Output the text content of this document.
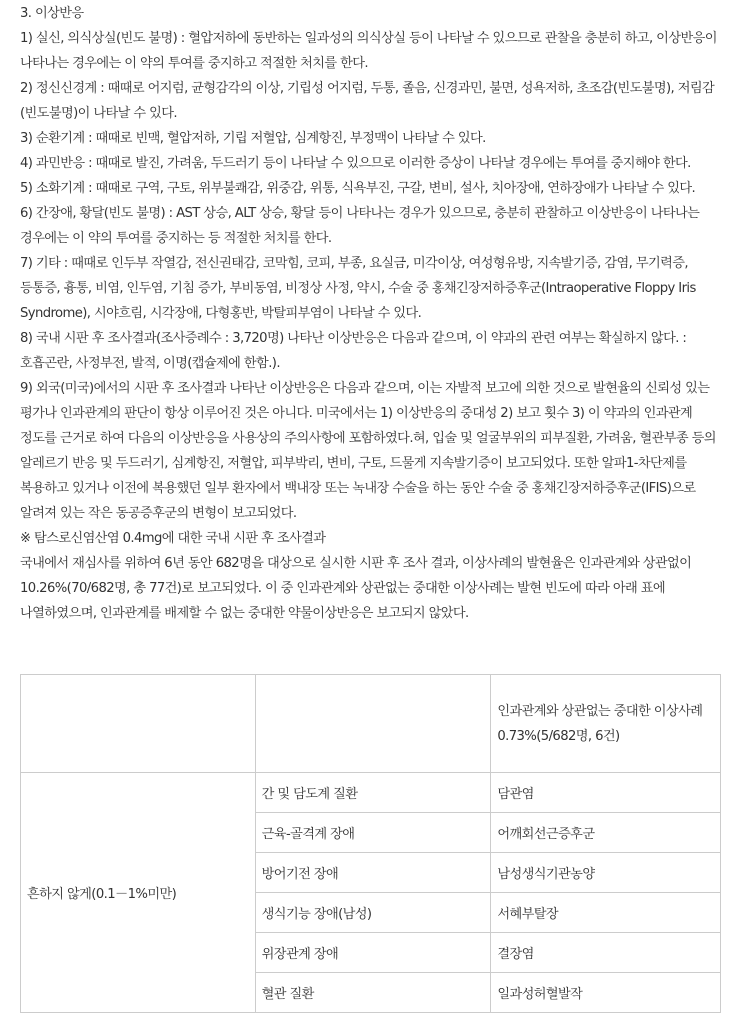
3. 이상반응

1) 실신, 의식상실(빈도 불명) : 혈압저하에 동반하는 일과성의 의식상실 등이 나타날 수 있으므로 관찰을 충분히 하고, 이상반응이 나타나는 경우에는 이 약의 투여를 중지하고 적절한 처치를 한다.

2) 정신신경계 : 때때로 어지럼, 균형감각의 이상, 기립성 어지럼, 두통, 졸음, 신경과민, 불면, 성욕저하, 초조감(빈도불명), 저림감(빈도불명)이 나타날 수 있다.

3) 순환기계 : 때때로 빈맥, 혈압저하, 기립 저혈압, 심계항진, 부정맥이 나타날 수 있다.

4) 과민반응 : 때때로 발진, 가려움, 두드러기 등이 나타날 수 있으므로 이러한 증상이 나타날 경우에는 투여를 중지해야 한다.

5) 소화기계 : 때때로 구역, 구토, 위부불쾌감, 위중감, 위통, 식욕부진, 구갈, 변비, 설사, 치아장애, 연하장애가 나타날 수 있다.

6) 간장애, 황달(빈도 불명) : AST 상승, ALT 상승, 황달 등이 나타나는 경우가 있으므로, 충분히 관찰하고 이상반응이 나타나는 경우에는 이 약의 투여를 중지하는 등 적절한 처치를 한다.

7) 기타 : 때때로 인두부 작열감, 전신권태감, 코막힘, 코피, 부종, 요실금, 미각이상, 여성형유방, 지속발기증, 감염, 무기력증, 등통증, 흉통, 비염, 인두염, 기침 증가, 부비동염, 비정상 사정, 약시, 수술 중 홍채긴장저하증후군(Intraoperative Floppy Iris Syndrome), 시야흐림, 시각장애, 다형홍반, 박탈피부염이 나타날 수 있다.

8) 국내 시판 후 조사결과(조사증례수 : 3,720명) 나타난 이상반응은 다음과 같으며, 이 약과의 관련 여부는 확실하지 않다. : 호흡곤란, 사정부전, 발적, 이명(캡슐제에 한함.).

9) 외국(미국)에서의 시판 후 조사결과 나타난 이상반응은 다음과 같으며, 이는 자발적 보고에 의한 것으로 발현율의 신뢰성 있는 평가나 인과관계의 판단이 항상 이루어진 것은 아니다. 미국에서는 1) 이상반응의 중대성 2) 보고 횟수 3) 이 약과의 인과관계 정도를 근거로 하여 다음의 이상반응을 사용상의 주의사항에 포함하였다.혀, 입술 및 얼굴부위의 피부질환, 가려움, 혈관부종 등의 알레르기 반응 및 두드러기, 심계항진, 저혈압, 피부박리, 변비, 구토, 드물게 지속발기증이 보고되었다. 또한 알파1-차단제를 복용하고 있거나 이전에 복용했던 일부 환자에서 백내장 또는 녹내장 수술을 하는 동안 수술 중 홍채긴장저하증후군(IFIS)으로 알려져 있는 작은 동공증후군의 변형이 보고되었다.

※ 탐스로신염산염 0.4mg에 대한 국내 시판 후 조사결과

국내에서 재심사를 위하여 6년 동안 682명을 대상으로 실시한 시판 후 조사 결과, 이상사례의 발현율은 인과관계와 상관없이 10.26%(70/682명, 총 77건)로 보고되었다. 이 중 인과관계와 상관없는 중대한 이상사례는 발현 빈도에 따라 아래 표에 나열하였으며, 인과관계를 배제할 수 없는 중대한 약물이상반응은 보고되지 않았다.

		인과관계와 상관없는 중대한 이상사례
0.73%(5/682명, 6건)

흔하지 않게(0.1－1%미만)	간 및 담도계 질환	담관염
	근육-골격계 장애	어깨회선근증후군
	방어기전 장애	남성생식기관농양
	생식기능 장애(남성)	서혜부탈장
	위장관계 장애	결장염
	혈관 질환	일과성허혈발작
